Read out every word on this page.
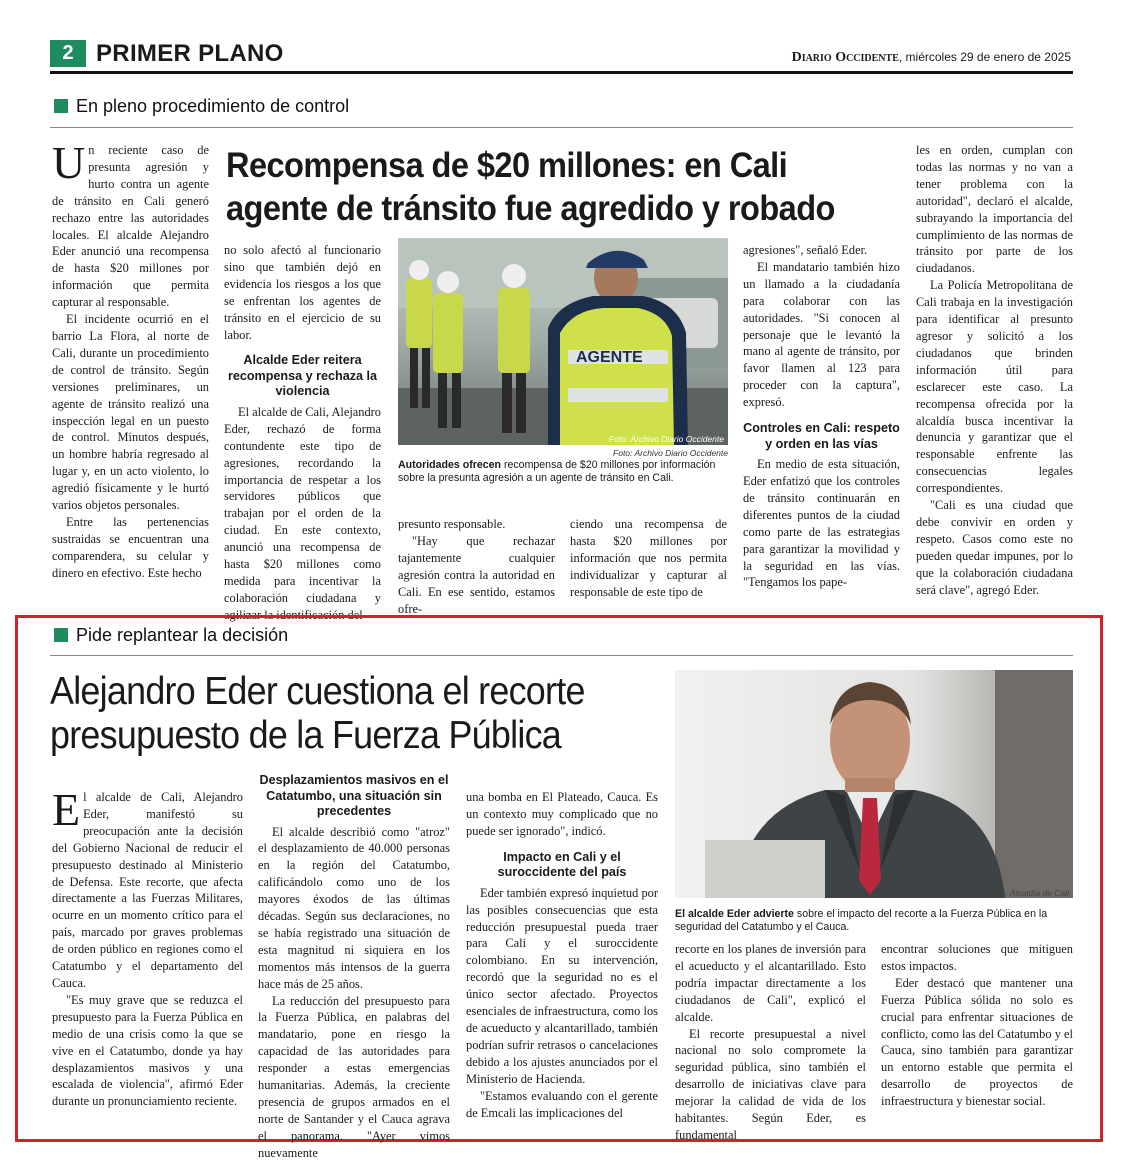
2 PRIMER PLANO	Diario Occidente, miércoles 29 de enero de 2025
En pleno procedimiento de control
Recompensa de $20 millones: en Cali
agente de tránsito fue agredido y robado

Un reciente caso de presunta agresión y hurto contra un agente de tránsito en Cali generó rechazo entre las autoridades locales. El alcalde Alejandro Eder anunció una recompensa de hasta $20 millones por información que permita capturar al responsable.

El incidente ocurrió en el barrio La Flora, al norte de Cali, durante un procedimiento de control de tránsito. Según versiones preliminares, un agente de tránsito realizó una inspección legal en un puesto de control. Minutos después, un hombre habría regresado al lugar y, en un acto violento, lo agredió físicamente y le hurtó varios objetos personales.

Entre las pertenencias sustraidas se encuentran una comparendera, su celular y dinero en efectivo. Este hecho

no solo afectó al funcionario sino que también dejó en evidencia los riesgos a los que se enfrentan los agentes de tránsito en el ejercicio de su labor.

Alcalde Eder reitera recompensa y rechaza la violencia

El alcalde de Cali, Alejandro Eder, rechazó de forma contundente este tipo de agresiones, recordando la importancia de respetar a los servidores públicos que trabajan por el orden de la ciudad. En este contexto, anunció una recompensa de hasta $20 millones como medida para incentivar la colaboración ciudadana y agilizar la identificación del

AGENTE
Foto: Archivo Diario Occidente
Autoridades ofrecen recompensa de $20 millones por información sobre la presunta agresión a un agente de tránsito en Cali.
Foto: Archivo Diario Occidente

presunto responsable.

"Hay que rechazar tajantemente cualquier agresión contra la autoridad en Cali. En ese sentido, estamos ofre-

ciendo una recompensa de hasta $20 millones por información que nos permita individualizar y capturar al responsable de este tipo de

agresiones", señaló Eder.

El mandatario también hizo un llamado a la ciudadanía para colaborar con las autoridades. "Si conocen al personaje que le levantó la mano al agente de tránsito, por favor llamen al 123 para proceder con la captura", expresó.

Controles en Cali: respeto y orden en las vías

En medio de esta situación, Eder enfatizó que los controles de tránsito continuarán en diferentes puntos de la ciudad como parte de las estrategias para garantizar la movilidad y la seguridad en las vías. "Tengamos los pape-

les en orden, cumplan con todas las normas y no van a tener problema con la autoridad", declaró el alcalde, subrayando la importancia del cumplimiento de las normas de tránsito por parte de los ciudadanos.

La Policía Metropolitana de Cali trabaja en la investigación para identificar al presunto agresor y solicitó a los ciudadanos que brinden información útil para esclarecer este caso. La recompensa ofrecida por la alcaldía busca incentivar la denuncia y garantizar que el responsable enfrente las consecuencias legales correspondientes.

"Cali es una ciudad que debe convivir en orden y respeto. Casos como este no pueden quedar impunes, por lo que la colaboración ciudadana será clave", agregó Eder.

Pide replantear la decisión
Alejandro Eder cuestiona el recorte
presupuesto de la Fuerza Pública
Foto: Alcaldía de Cali
El alcalde Eder advierte sobre el impacto del recorte a la Fuerza Pública en la seguridad del Catatumbo y el Cauca.

El alcalde de Cali, Alejandro Eder, manifestó su preocupación ante la decisión del Gobierno Nacional de reducir el presupuesto destinado al Ministerio de Defensa. Este recorte, que afecta directamente a las Fuerzas Militares, ocurre en un momento crítico para el país, marcado por graves problemas de orden público en regiones como el Catatumbo y el departamento del Cauca.

"Es muy grave que se reduzca el presupuesto para la Fuerza Pública en medio de una crisis como la que se vive en el Catatumbo, donde ya hay desplazamientos masivos y una escalada de violencia", afirmó Eder durante un pronunciamiento reciente.

Desplazamientos masivos en el Catatumbo, una situación sin precedentes

El alcalde describió como "atroz" el desplazamiento de 40.000 personas en la región del Catatumbo, calificándolo como uno de los mayores éxodos de las últimas décadas. Según sus declaraciones, no se había registrado una situación de esta magnitud ni siquiera en los momentos más intensos de la guerra hace más de 25 años.

La reducción del presupuesto para la Fuerza Pública, en palabras del mandatario, pone en riesgo la capacidad de las autoridades para responder a estas emergencias humanitarias. Además, la creciente presencia de grupos armados en el norte de Santander y el Cauca agrava el panorama. "Ayer vimos nuevamente

una bomba en El Plateado, Cauca. Es un contexto muy complicado que no puede ser ignorado", indicó.

Impacto en Cali y el suroccidente del país

Eder también expresó inquietud por las posibles consecuencias que esta reducción presupuestal pueda traer para Cali y el suroccidente colombiano. En su intervención, recordó que la seguridad no es el único sector afectado. Proyectos esenciales de infraestructura, como los de acueducto y alcantarillado, también podrían sufrir retrasos o cancelaciones debido a los ajustes anunciados por el Ministerio de Hacienda.

"Estamos evaluando con el gerente de Emcali las implicaciones del

recorte en los planes de inversión para el acueducto y el alcantarillado. Esto podría impactar directamente a los ciudadanos de Cali", explicó el alcalde.

El recorte presupuestal a nivel nacional no solo compromete la seguridad pública, sino también el desarrollo de iniciativas clave para mejorar la calidad de vida de los habitantes. Según Eder, es fundamental

encontrar soluciones que mitiguen estos impactos.

Eder destacó que mantener una Fuerza Pública sólida no solo es crucial para enfrentar situaciones de conflicto, como las del Catatumbo y el Cauca, sino también para garantizar un entorno estable que permita el desarrollo de proyectos de infraestructura y bienestar social.
